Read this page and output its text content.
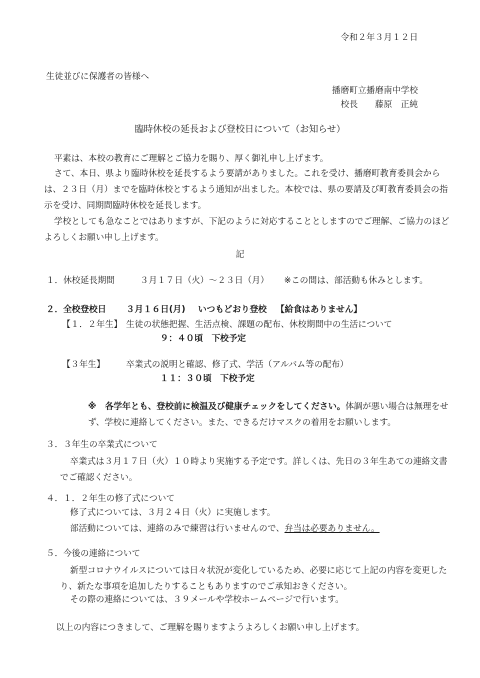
令和２年３月１２日
生徒並びに保護者の皆様へ
播磨町立播磨南中学校
校長　　藤原　正純
臨時休校の延長および登校日について（お知らせ）
平素は、本校の教育にご理解とご協力を賜り、厚く御礼申し上げます。
さて、本日、県より臨時休校を延長するよう要請がありました。これを受け、播磨町教育委員会からは、２３日（月）までを臨時休校とするよう通知が出ました。本校では、県の要請及び町教育委員会の指示を受け、同期間臨時休校を延長します。
学校としても急なことではありますが、下記のように対応することとしますのでご理解、ご協力のほどよろしくお願い申し上げます。
記
１．休校延長期間	３月１７日（火）～２３日（月） ※この間は、部活動も休みとします。
２．全校登校日 ３月１６日(月) いつもどおり登校 【給食はありません】
【１．２年生】 生徒の状態把握、生活点検、課題の配布、休校期間中の生活について
９：４０頃　下校予定
【３年生】 卒業式の説明と確認、修了式、学活（アルバム等の配布）
１１：３０頃　下校予定
※　各学年とも、登校前に検温及び健康チェックをしてください。体調が悪い場合は無理をせず、学校に連絡してください。また、できるだけマスクの着用をお願いします。
３．３年生の卒業式について
卒業式は３月１７日（火）１０時より実施する予定です。詳しくは、先日の３年生あての連絡文書でご確認ください。
４．１．２年生の修了式について
修了式については、３月２４日（火）に実施します。
部活動については、連絡のみで練習は行いませんので、弁当は必要ありません。
５．今後の連絡について
新型コロナウイルスについては日々状況が変化しているため、必要に応じて上記の内容を変更したり、新たな事項を追加したりすることもありますのでご承知おきください。
その際の連絡については、３９メールや学校ホームページで行います。
以上の内容につきまして、ご理解を賜りますようよろしくお願い申し上げます。
